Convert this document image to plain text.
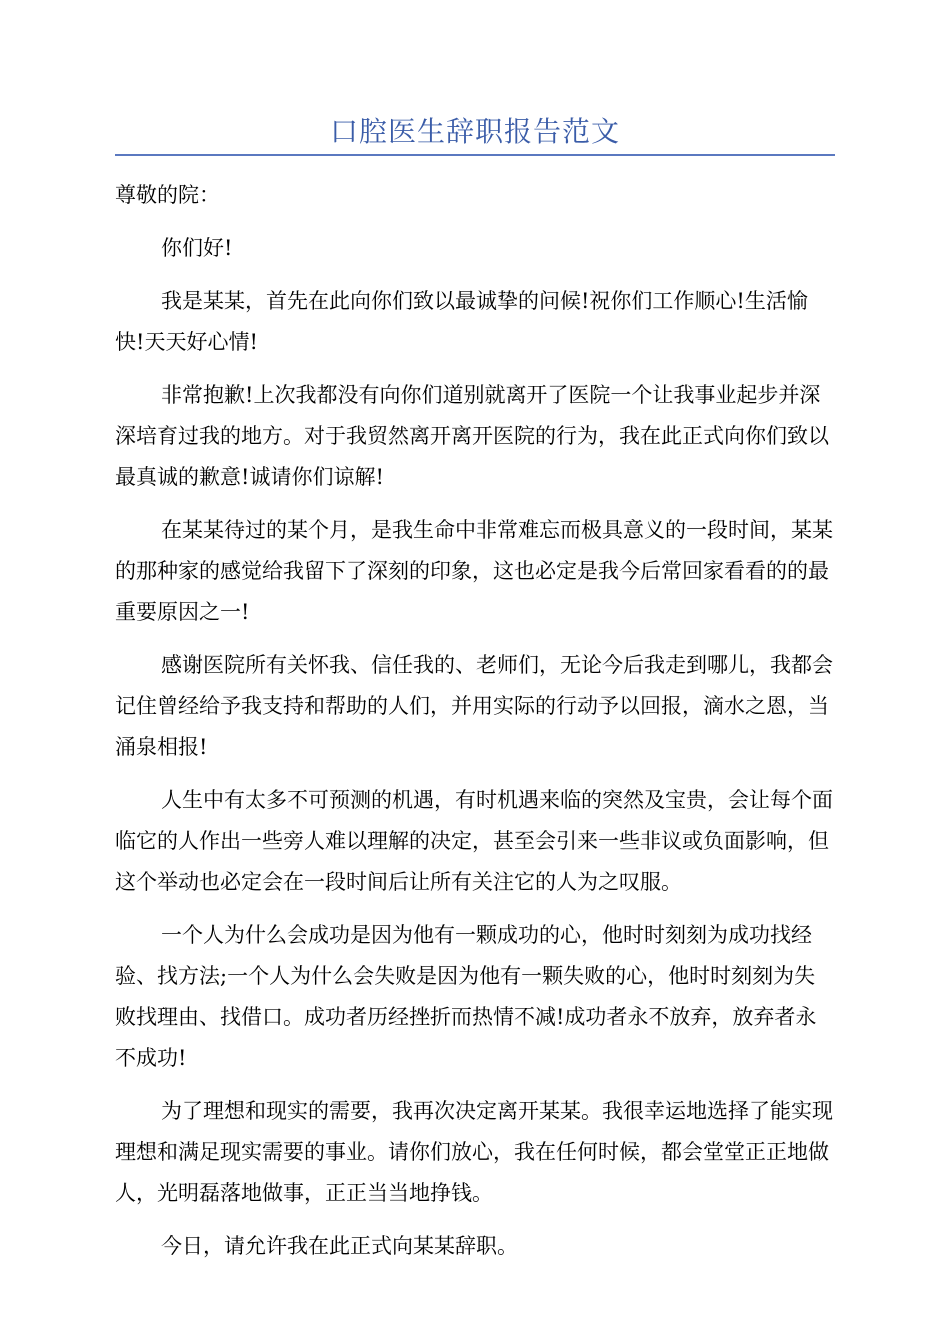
口腔医生辞职报告范文

尊敬的院：

你们好!

我是某某，首先在此向你们致以最诚挚的问候!祝你们工作顺心!生活愉快!天天好心情!

非常抱歉!上次我都没有向你们道别就离开了医院一个让我事业起步并深深培育过我的地方。对于我贸然离开离开医院的行为，我在此正式向你们致以最真诚的歉意!诚请你们谅解!

在某某待过的某个月，是我生命中非常难忘而极具意义的一段时间，某某的那种家的感觉给我留下了深刻的印象，这也必定是我今后常回家看看的的最重要原因之一!

感谢医院所有关怀我、信任我的、老师们，无论今后我走到哪儿，我都会记住曾经给予我支持和帮助的人们，并用实际的行动予以回报，滴水之恩，当涌泉相报!

人生中有太多不可预测的机遇，有时机遇来临的突然及宝贵，会让每个面临它的人作出一些旁人难以理解的决定，甚至会引来一些非议或负面影响，但这个举动也必定会在一段时间后让所有关注它的人为之叹服。

一个人为什么会成功是因为他有一颗成功的心，他时时刻刻为成功找经验、找方法;一个人为什么会失败是因为他有一颗失败的心，他时时刻刻为失败找理由、找借口。成功者历经挫折而热情不减!成功者永不放弃，放弃者永不成功!

为了理想和现实的需要，我再次决定离开某某。我很幸运地选择了能实现理想和满足现实需要的事业。请你们放心，我在任何时候，都会堂堂正正地做人，光明磊落地做事，正正当当地挣钱。

今日，请允许我在此正式向某某辞职。
